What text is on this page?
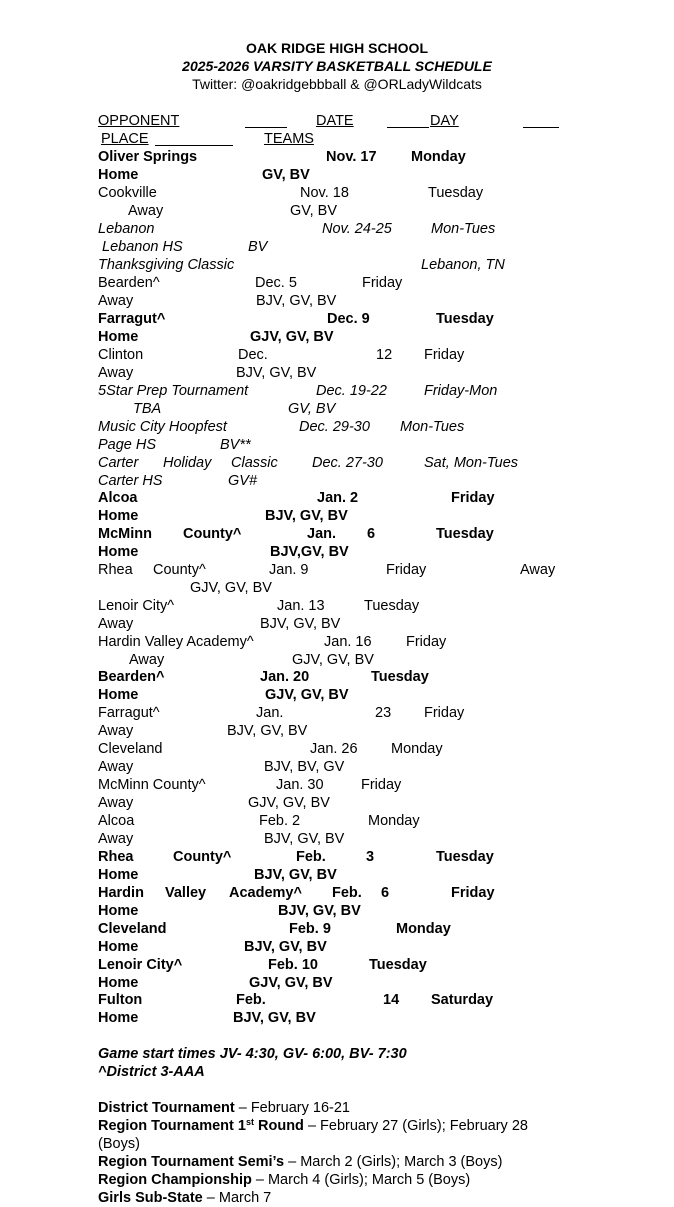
OAK RIDGE HIGH SCHOOL
2025-2026 VARSITY BASKETBALL SCHEDULE
Twitter: @oakridgebbball & @ORLadyWildcats
OPPONENT	DATE	DAY
PLACE	TEAMS
Oliver Springs	Nov. 17 Monday
Home	GV, BV
Cookville	Nov. 18	Tuesday
Away	GV, BV
Lebanon	Nov. 24-25	Mon-Tues
Lebanon HS	BV
Thanksgiving Classic	Lebanon, TN
Bearden^	Dec. 5	Friday
Away	BJV, GV, BV
Farragut^	Dec. 9	Tuesday
Home	GJV, GV, BV
Clinton	Dec.	12 Friday
Away	BJV, GV, BV
5Star Prep Tournament	Dec. 19-22	Friday-Mon
TBA	GV, BV
Music City Hoopfest	Dec. 29-30 Mon-Tues
Page HS	BV**
Carter Holiday Classic Dec. 27-30	Sat, Mon-Tues
Carter HS	GV#
Alcoa	Jan. 2	Friday
Home	BJV, GV, BV
McMinn County^	Jan. 6	Tuesday
Home	BJV,GV, BV
Rhea County^	Jan. 9	Friday	Away
GJV, GV, BV
Lenoir City^	Jan. 13	Tuesday
Away	BJV, GV, BV
Hardin Valley Academy^	Jan. 16 Friday
Away	GJV, GV, BV
Bearden^	Jan. 20	Tuesday
Home	GJV, GV, BV
Farragut^	Jan.	23 Friday
Away	BJV, GV, BV
Cleveland	Jan. 26 Monday
Away	BJV, BV, GV
McMinn County^	Jan. 30	Friday
Away	GJV, GV, BV
Alcoa	Feb. 2	Monday
Away	BJV, GV, BV
Rhea	County^	Feb.	3	Tuesday
Home	BJV, GV, BV
Hardin Valley Academy^ Feb. 6	Friday
Home	BJV, GV, BV
Cleveland	Feb. 9	Monday
Home	BJV, GV, BV
Lenoir City^	Feb. 10	Tuesday
Home	GJV, GV, BV
Fulton	Feb.	14 Saturday
Home	BJV, GV, BV
Game start times JV- 4:30, GV- 6:00, BV- 7:30
^District 3-AAA
District Tournament – February 16-21
Region Tournament 1st Round – February 27 (Girls); February 28
(Boys)
Region Tournament Semi’s – March 2 (Girls); March 3 (Boys)
Region Championship – March 4 (Girls); March 5 (Boys)
Girls Sub-State – March 7
